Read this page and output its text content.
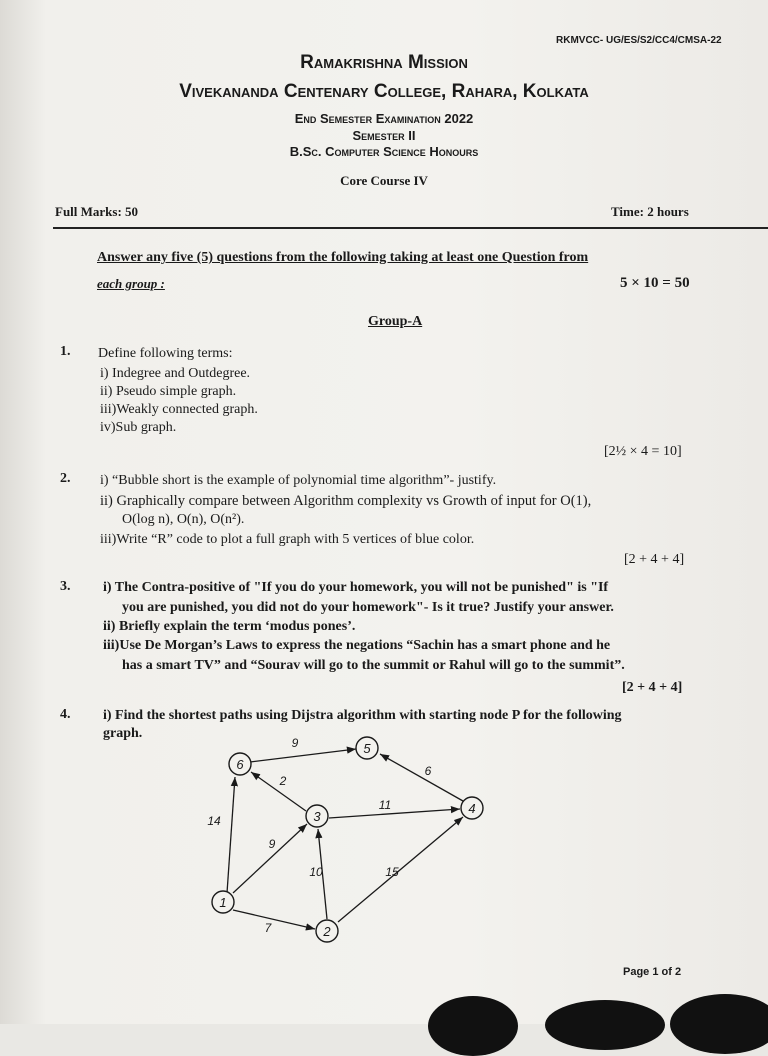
RKMVCC- UG/ES/S2/CC4/CMSA-22
Ramakrishna Mission
Vivekananda Centenary College, Rahara, Kolkata
End Semester Examination 2022
Semester II
B.Sc. Computer Science Honours
Core Course IV
Full Marks: 50	Time: 2 hours
Answer any five (5) questions from the following taking at least one Question from
each group :	5 × 10 = 50
Group-A
1. Define following terms:
i) Indegree and Outdegree.
ii) Pseudo simple graph.
iii)Weakly connected graph.
iv)Sub graph.
[2½ × 4 = 10]
2. i) “Bubble short is the example of polynomial time algorithm”- justify.
ii) Graphically compare between Algorithm complexity vs Growth of input for O(1),
O(log n), O(n), O(n²).
iii)Write “R” code to plot a full graph with 5 vertices of blue color.
[2 + 4 + 4]
3. i) The Contra-positive of "If you do your homework, you will not be punished" is "If
you are punished, you did not do your homework"- Is it true? Justify your answer.
ii) Briefly explain the term ‘modus pones’.
iii)Use De Morgan’s Laws to express the negations “Sachin has a smart phone and he
has a smart TV” and “Sourav will go to the summit or Rahul will go to the summit”.
[2 + 4 + 4]
4. i) Find the shortest paths using Dijstra algorithm with starting node P for the following
graph.
1
2
3
4
5
6
9
6
2
11
14
9
10	15
7
Page 1 of 2
